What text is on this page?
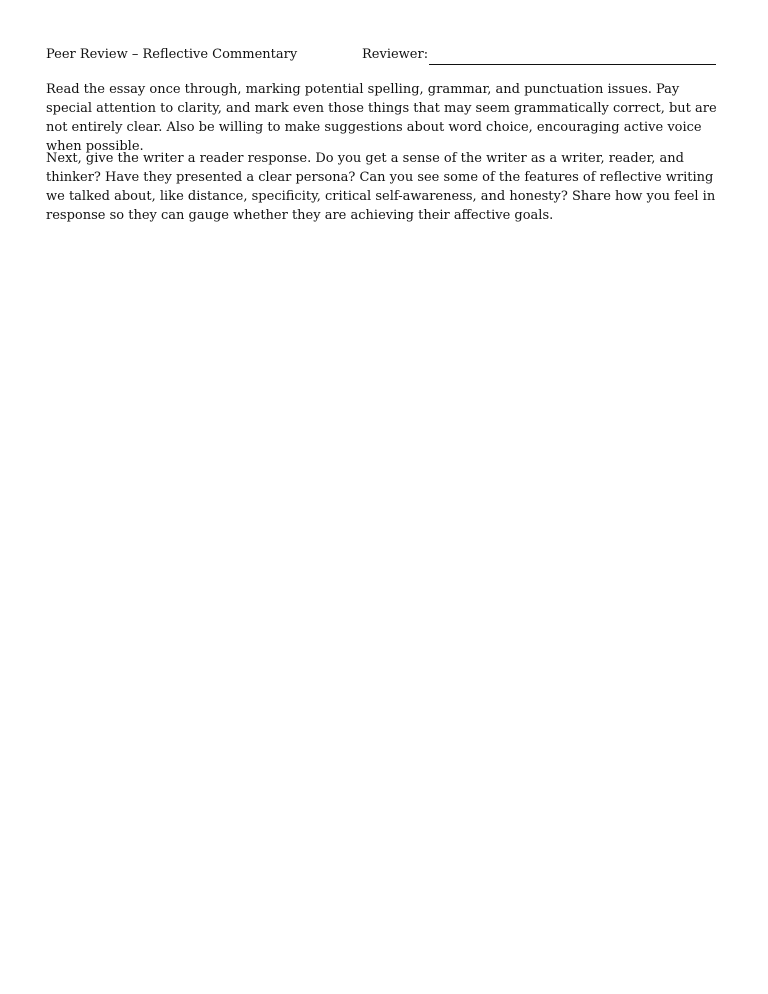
Peer Review – Reflective Commentary	Reviewer:

Read the essay once through, marking potential spelling, grammar, and punctuation issues. Pay special attention to clarity, and mark even those things that may seem grammatically correct, but are not entirely clear. Also be willing to make suggestions about word choice, encouraging active voice when possible.

Next, give the writer a reader response. Do you get a sense of the writer as a writer, reader, and thinker? Have they presented a clear persona? Can you see some of the features of reflective writing we talked about, like distance, specificity, critical self-awareness, and honesty? Share how you feel in response so they can gauge whether they are achieving their affective goals.
